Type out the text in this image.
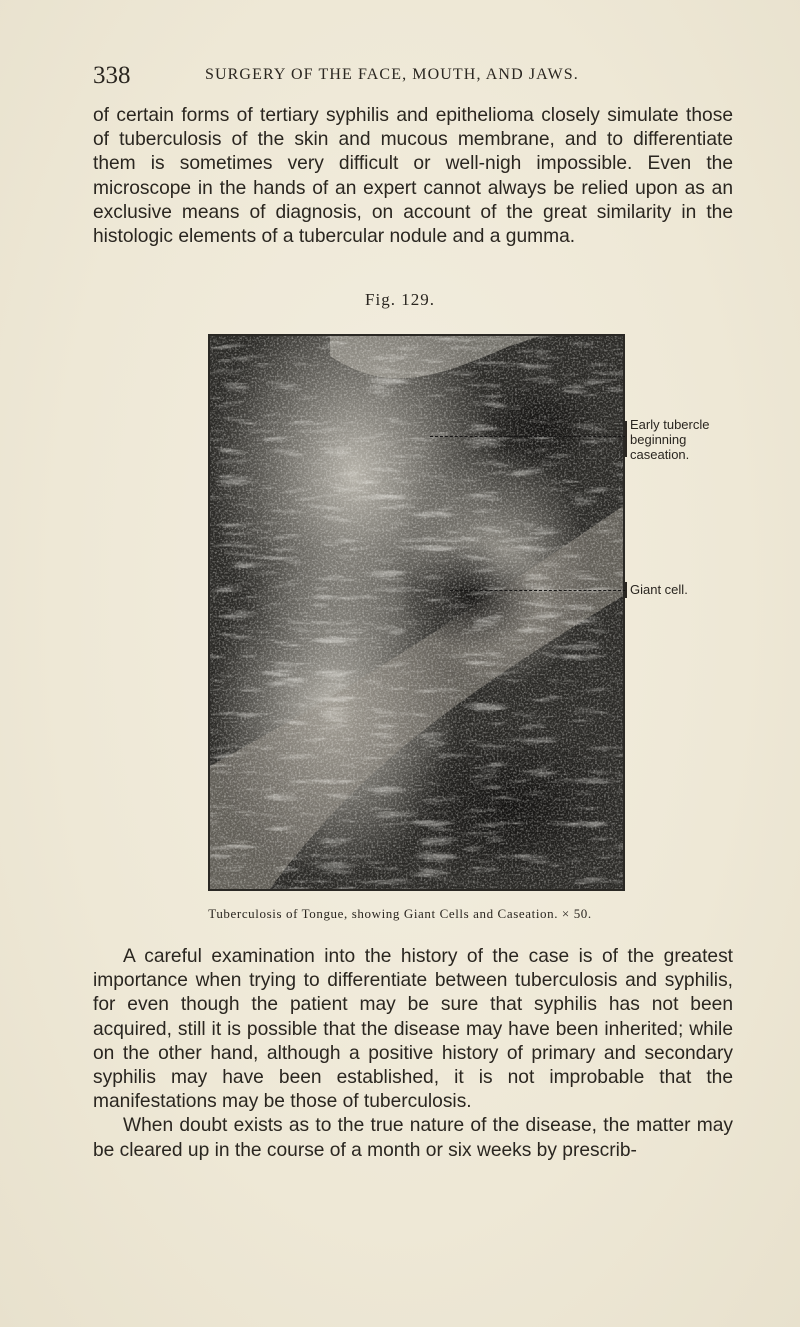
338	SURGERY OF THE FACE, MOUTH, AND JAWS.

of certain forms of tertiary syphilis and epithelioma closely simulate those of tuberculosis of the skin and mucous membrane, and to differentiate them is sometimes very difficult or well-nigh impossible. Even the microscope in the hands of an expert cannot always be relied upon as an exclusive means of diagnosis, on account of the great similarity in the histologic elements of a tubercular nodule and a gumma.

Fig. 129.
Early tubercle beginning caseation.
Giant cell.
Tuberculosis of Tongue, showing Giant Cells and Caseation. × 50.

A careful examination into the history of the case is of the greatest importance when trying to differentiate between tuberculosis and syphilis, for even though the patient may be sure that syphilis has not been acquired, still it is possible that the disease may have been inherited; while on the other hand, although a positive history of primary and secondary syphilis may have been established, it is not improbable that the manifestations may be those of tuberculosis.

When doubt exists as to the true nature of the disease, the matter may be cleared up in the course of a month or six weeks by prescrib-
